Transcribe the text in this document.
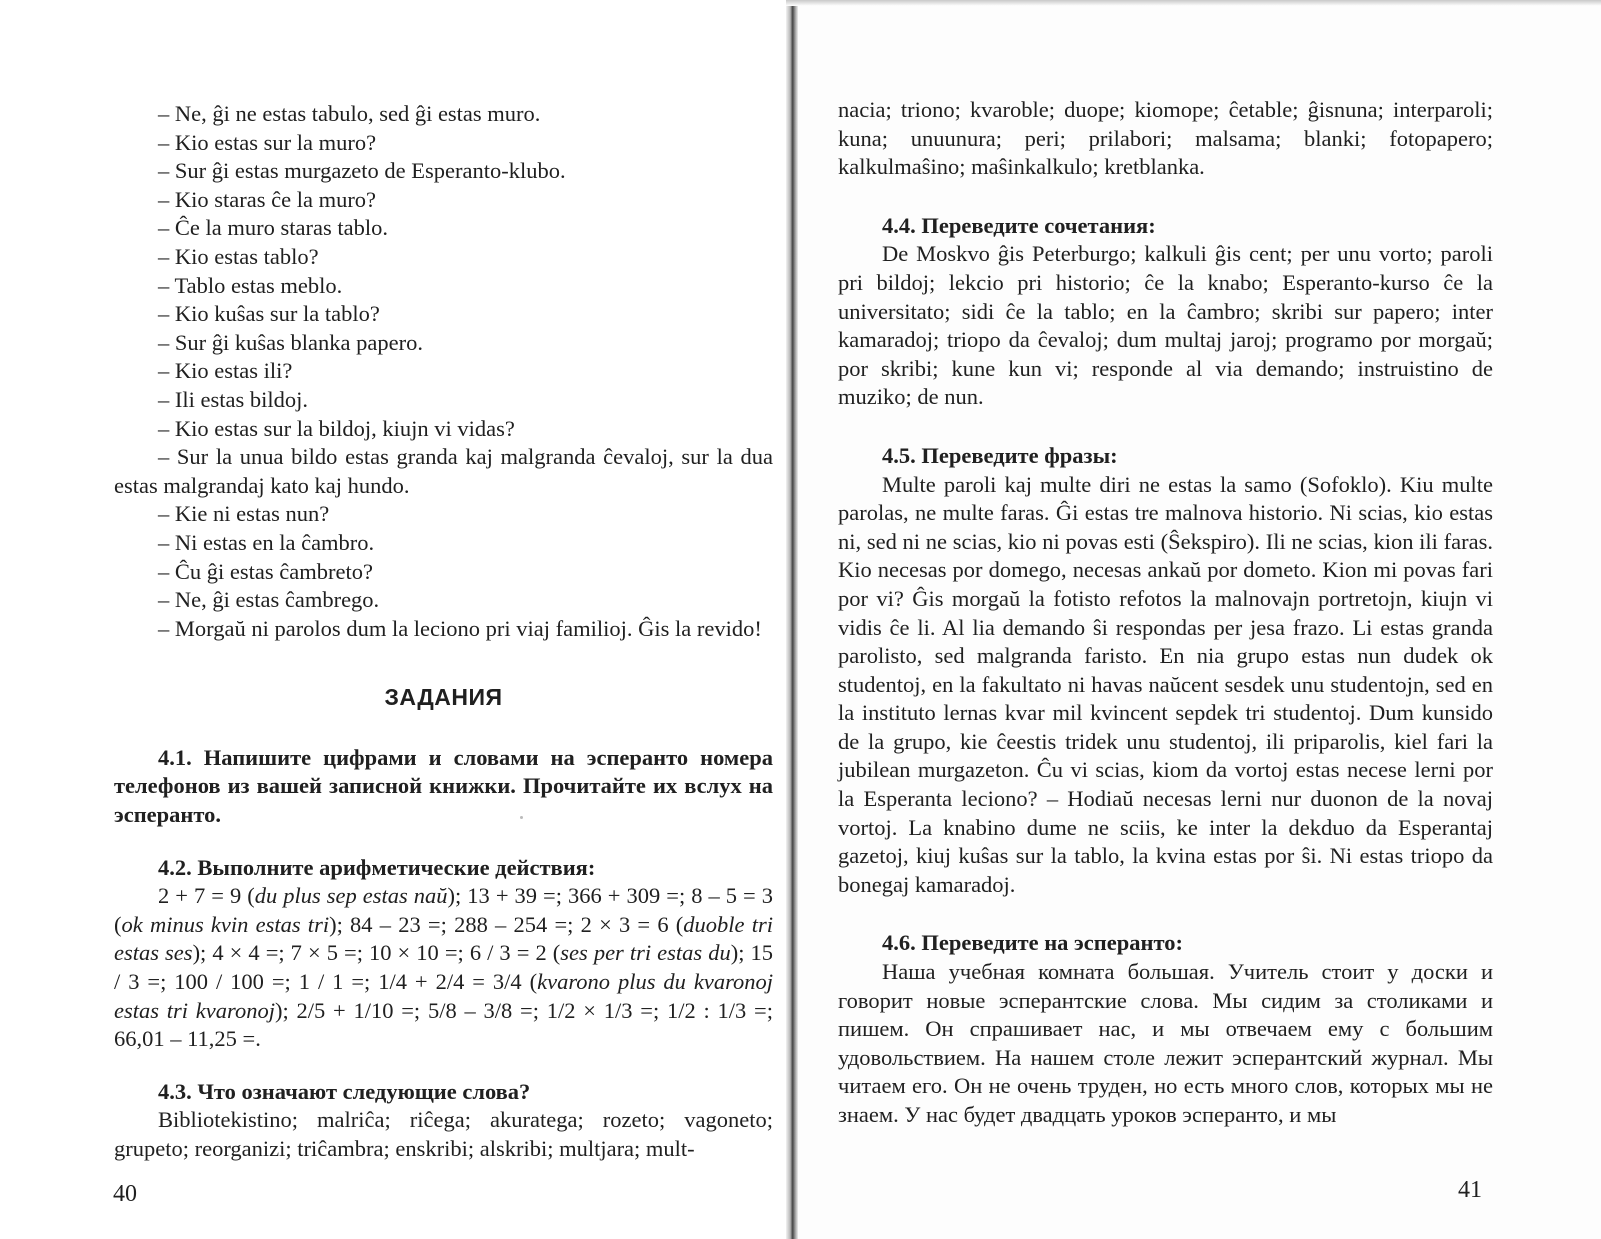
– Ne, ĝi ne estas tabulo, sed ĝi estas muro.

– Kio estas sur la muro?

– Sur ĝi estas murgazeto de Esperanto-klubo.

– Kio staras ĉe la muro?

– Ĉe la muro staras tablo.

– Kio estas tablo?

– Tablo estas meblo.

– Kio kuŝas sur la tablo?

– Sur ĝi kuŝas blanka papero.

– Kio estas ili?

– Ili estas bildoj.

– Kio estas sur la bildoj, kiujn vi vidas?

– Sur la unua bildo estas granda kaj malgranda ĉevaloj, sur la dua estas malgrandaj kato kaj hundo.

– Kie ni estas nun?

– Ni estas en la ĉambro.

– Ĉu ĝi estas ĉambreto?

– Ne, ĝi estas ĉambrego.

– Morgaŭ ni parolos dum la leciono pri viaj familioj. Ĝis la revido!

ЗАДАНИЯ

4.1. Напишите цифрами и словами на эсперанто номера телефонов из вашей записной книжки. Прочитайте их вслух на эсперанто.

4.2. Выполните арифметические действия:

2 + 7 = 9 (du plus sep estas naŭ); 13 + 39 =; 366 + 309 =; 8 – 5 = 3 (ok minus kvin estas tri); 84 – 23 =; 288 – 254 =; 2 × 3 = 6 (duoble tri estas ses); 4 × 4 =; 7 × 5 =; 10 × 10 =; 6 / 3 = 2 (ses per tri estas du); 15 / 3 =; 100 / 100 =; 1 / 1 =; 1/4 + 2/4 = 3/4 (kvarono plus du kvaronoj estas tri kvaronoj); 2/5 + 1/10 =; 5/8 – 3/8 =; 1/2 × 1/3 =; 1/2 : 1/3 =; 66,01 – 11,25 =.

4.3. Что означают следующие слова?

Bibliotekistino; malriĉa; riĉega; akuratega; rozeto; vagoneto; grupeto; reorganizi; triĉambra; enskribi; alskribi; multjara; mult-

40

nacia; triono; kvaroble; duope; kiomope; ĉetable; ĝisnuna; interparoli; kuna; unuunura; peri; prilabori; malsama; blanki; fotopapero; kalkulmaŝino; maŝinkalkulo; kretblanka.

4.4. Переведите сочетания:

De Moskvo ĝis Peterburgo; kalkuli ĝis cent; per unu vorto; paroli pri bildoj; lekcio pri historio; ĉe la knabo; Esperanto-kurso ĉe la universitato; sidi ĉe la tablo; en la ĉambro; skribi sur papero; inter kamaradoj; triopo da ĉevaloj; dum multaj jaroj; programo por morgaŭ; por skribi; kune kun vi; responde al via demando; instruistino de muziko; de nun.

4.5. Переведите фразы:

Multe paroli kaj multe diri ne estas la samo (Sofoklo). Kiu multe parolas, ne multe faras. Ĝi estas tre malnova historio. Ni scias, kio estas ni, sed ni ne scias, kio ni povas esti (Ŝekspiro). Ili ne scias, kion ili faras. Kio necesas por domego, necesas ankaŭ por dometo. Kion mi povas fari por vi? Ĝis morgaŭ la fotisto refotos la malnovajn portretojn, kiujn vi vidis ĉe li. Al lia demando ŝi respondas per jesa frazo. Li estas granda parolisto, sed malgranda faristo. En nia grupo estas nun dudek ok studentoj, en la fakultato ni havas naŭcent sesdek unu studentojn, sed en la instituto lernas kvar mil kvincent sepdek tri studentoj. Dum kunsido de la grupo, kie ĉeestis tridek unu studentoj, ili priparolis, kiel fari la jubilean murgazeton. Ĉu vi scias, kiom da vortoj estas necese lerni por la Esperanta leciono? – Hodiaŭ necesas lerni nur duonon de la novaj vortoj. La knabino dume ne sciis, ke inter la dekduo da Esperantaj gazetoj, kiuj kuŝas sur la tablo, la kvina estas por ŝi. Ni estas triopo da bonegaj kamaradoj.

4.6. Переведите на эсперанто:

Наша учебная комната большая. Учитель стоит у доски и говорит новые эсперантские слова. Мы сидим за столиками и пишем. Он спрашивает нас, и мы отвечаем ему с большим удовольствием. На нашем столе лежит эсперантский журнал. Мы читаем его. Он не очень труден, но есть много слов, которых мы не знаем. У нас будет двадцать уроков эсперанто, и мы

41
